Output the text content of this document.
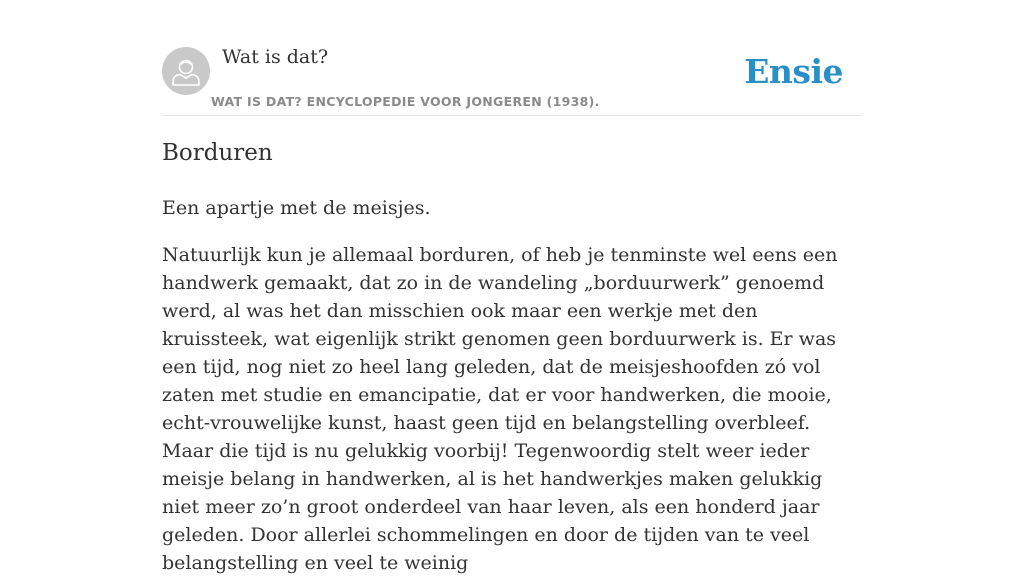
Wat is dat?
WAT IS DAT? ENCYCLOPEDIE VOOR JONGEREN (1938).
Ensie
Borduren

Een apartje met de meisjes.

Natuurlijk kun je allemaal borduren, of heb je tenminste wel eens een handwerk gemaakt, dat zo in de wandeling „borduurwerk” genoemd werd, al was het dan misschien ook maar een werkje met den kruissteek, wat eigenlijk strikt genomen geen borduurwerk is. Er was een tijd, nog niet zo heel lang geleden, dat de meisjeshoofden zó vol zaten met studie en emancipatie, dat er voor handwerken, die mooie, echt-vrouwelijke kunst, haast geen tijd en belangstelling overbleef. Maar die tijd is nu gelukkig voorbij! Tegenwoordig stelt weer ieder meisje belang in handwerken, al is het handwerkjes maken gelukkig niet meer zo’n groot onderdeel van haar leven, als een honderd jaar geleden. Door allerlei schommelingen en door de tijden van te veel belangstelling en veel te weinig
